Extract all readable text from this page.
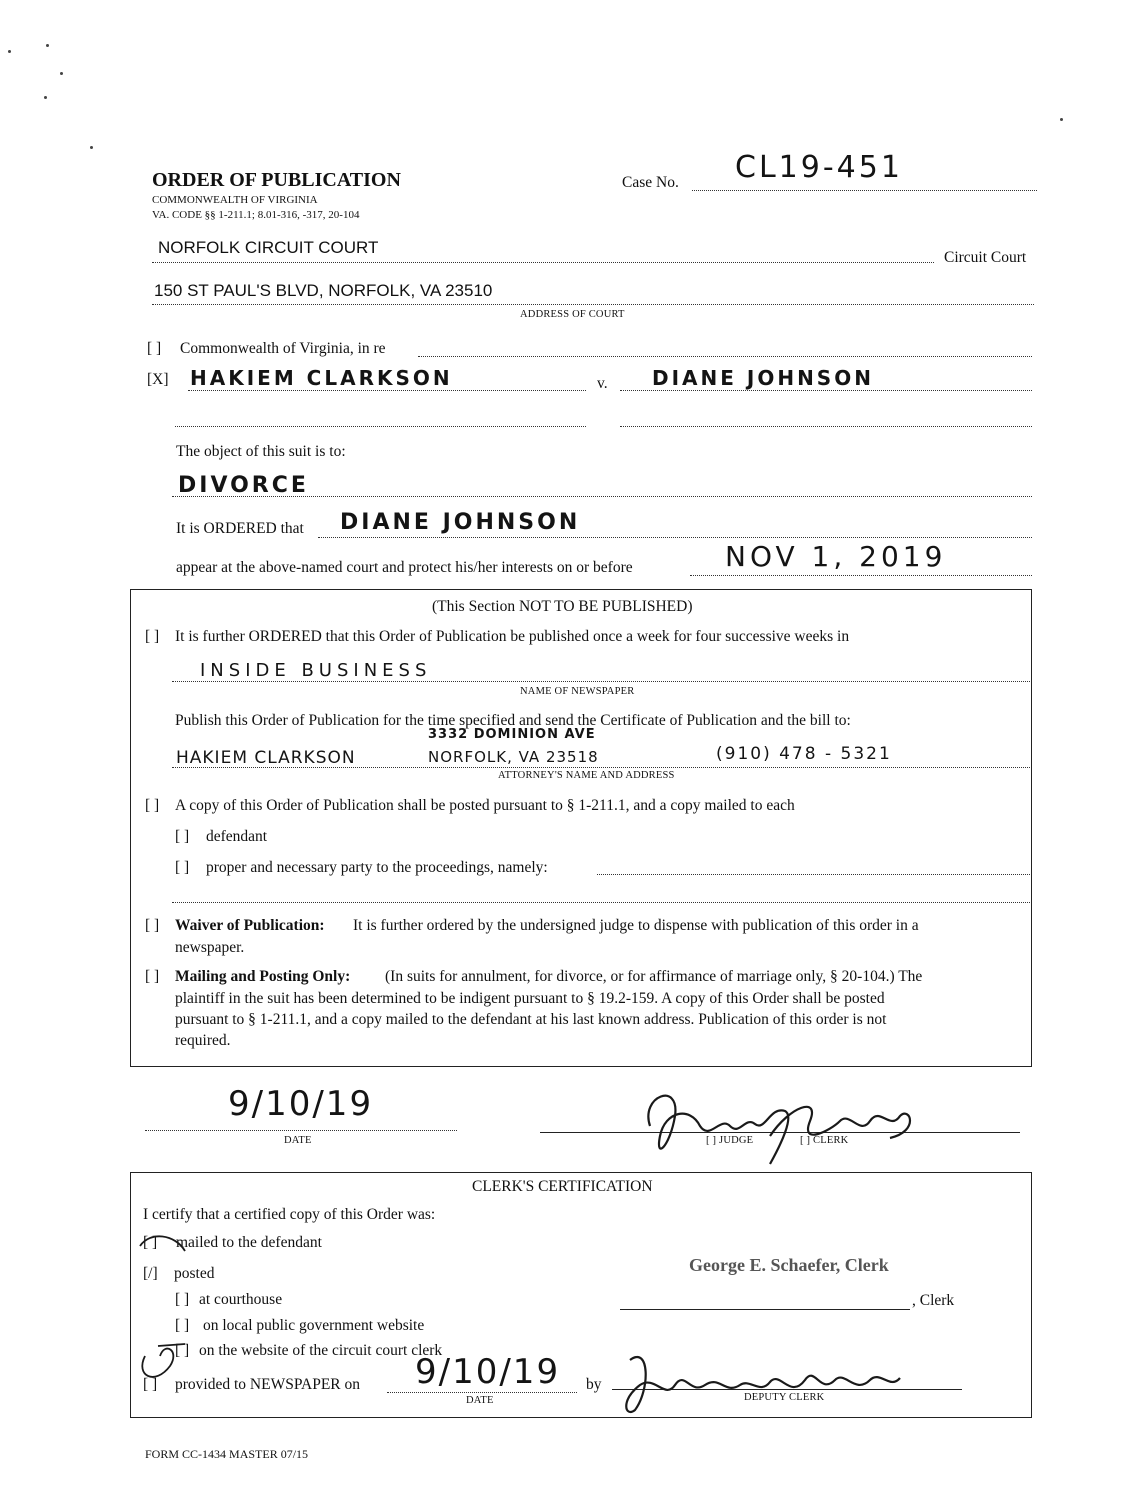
ORDER OF PUBLICATION
COMMONWEALTH OF VIRGINIA
VA. CODE §§ 1-211.1; 8.01-316, -317, 20-104
Case No. CL19-451
NORFOLK CIRCUIT COURT
Circuit Court
150 ST PAUL'S BLVD, NORFOLK, VA 23510
ADDRESS OF COURT
[ ] Commonwealth of Virginia, in re
[X] HAKIEM CLARKSON	v. DIANE JOHNSON
The object of this suit is to:
DIVORCE
It is ORDERED that DIANE JOHNSON
appear at the above-named court and protect his/her interests on or before	NOV 1, 2019
(This Section NOT TO BE PUBLISHED)
[ ] It is further ORDERED that this Order of Publication be published once a week for four successive weeks in
INSIDE BUSINESS
NAME OF NEWSPAPER
Publish this Order of Publication for the time specified and send the Certificate of Publication and the bill to:
HAKIEM CLARKSON
3332 DOMINION AVE
NORFOLK, VA 23518	(910) 478 - 5321
ATTORNEY'S NAME AND ADDRESS
[ ] A copy of this Order of Publication shall be posted pursuant to § 1-211.1, and a copy mailed to each
[ ] defendant
[ ] proper and necessary party to the proceedings, namely:
[ ] Waiver of Publication: It is further ordered by the undersigned judge to dispense with publication of this order in a
newspaper.
[ ] Mailing and Posting Only: (In suits for annulment, for divorce, or for affirmance of marriage only, § 20-104.) The
plaintiff in the suit has been determined to be indigent pursuant to § 19.2-159. A copy of this Order shall be posted
pursuant to § 1-211.1, and a copy mailed to the defendant at his last known address. Publication of this order is not
required.
9/10/19
DATE	[ ] JUDGE	[ ] CLERK
CLERK'S CERTIFICATION
I certify that a certified copy of this Order was:
[ ] mailed to the defendant
[/] posted
[ ] at courthouse
[ ] on local public government website
[ ] on the website of the circuit court clerk
[ ] provided to NEWSPAPER on 9/10/19
DATE
by
George E. Schaefer, Clerk
, Clerk
DEPUTY CLERK
FORM CC-1434 MASTER 07/15
